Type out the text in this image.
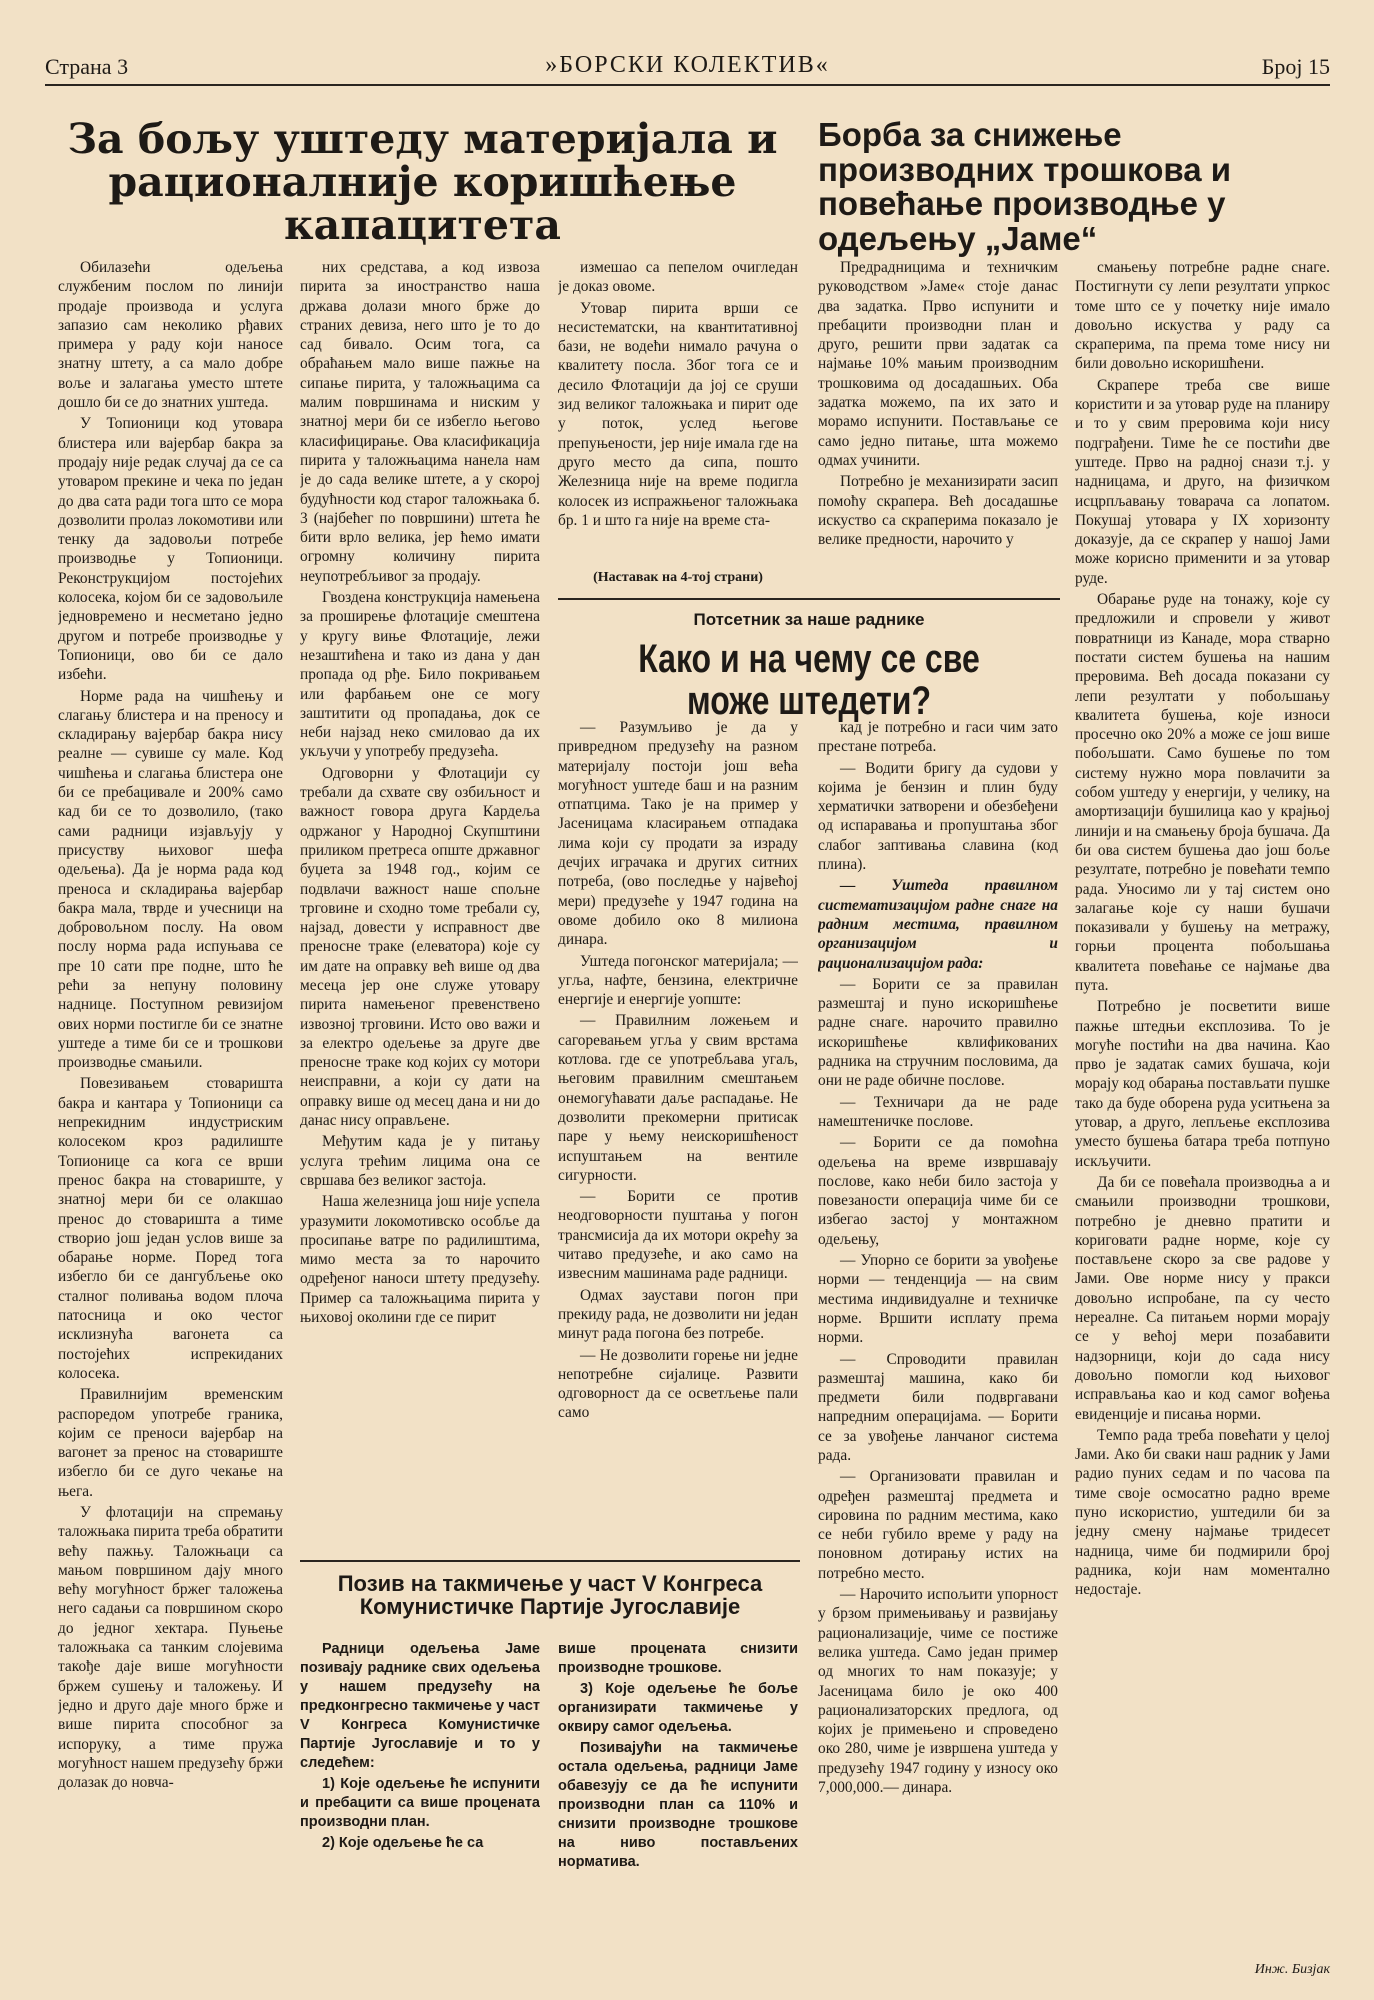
Страна 3	»БОРСКИ КОЛЕКТИВ«	Број 15
За бољу уштеду материјала и рационалније коришћење капацитета

Обилазећи одељења службеним послом по линији продаје производа и услуга запазио сам неколико рђавих примера у раду који наносе знатну штету, а са мало добре воље и залагања уместо штете дошло би се до знатних уштеда.

У Топионици код утовара блистера или вајербар бакра за продају није редак случај да се са утоваром прекине и чека по један до два сата ради тога што се мора дозволити пролаз локомотиви или тенку да задовољи потребе производње у Топионици. Реконструкцијом постојећих колосека, којом би се задовољиле једновремено и несметано једно другом и потребе производње у Топионици, ово би се дало избећи.

Норме рада на чишћењу и слагању блистера и на преносу и складирању вајербар бакра нису реалне — сувише су мале. Код чишћења и слагања блистера оне би се пребацивале и 200% само кад би се то дозволило, (тако сами радници изјављују у присуству њиховог шефа одељења). Да је норма рада код преноса и складирања вајербар бакра мала, тврде и учесници на добровољном послу. На овом послу норма рада испуњава се пре 10 сати пре подне, што ће рећи за непуну половину наднице. Поступном ревизијом ових норми постигле би се знатне уштеде а тиме би се и трошкови производње смањили.

Повезивањем стоваришта бакра и кантара у Топионици са непрекидним индустриским колосеком кроз радилиште Топионице са кога се врши пренос бакра на стовариште, у знатној мери би се олакшао пренос до стоваришта а тиме створио још један услов више за обарање норме. Поред тога избегло би се дангубљење око сталног поливања водом плоча патосница и око честог исклизнућа вагонета са постојећих испрекиданих колосека.

Правилнијим временским распоредом употребе граника, којим се преноси вајербар на вагонет за пренос на стовариште избегло би се дуго чекање на њега.

У флотацији на спремању таложњака пирита треба обратити већу пажњу. Таложњаци са мањом површином дају много већу могућност бржег таложења него садањи са површином скоро до једног хектара. Пуњење таложњака са танким слојевима такође даје више могућности бржем сушењу и таложењу. И једно и друго даје много брже и више пирита способног за испоруку, а тиме пружа могућност нашем предузећу бржи долазак до новча-

них средстава, а код извоза пирита за иностранство наша држава долази много брже до страних девиза, него што је то до сад бивало. Осим тога, са обраћањем мало више пажње на сипање пирита, у таложњацима са малим површинама и ниским у знатној мери би се избегло његово класифицирање. Ова класификација пирита у таложњацима нанела нам је до сада велике штете, а у скорој будућности код старог таложњака б. 3 (најбећег по површини) штета ће бити врло велика, јер ћемо имати огромну количину пирита неупотребљивог за продају.

Гвоздена конструкција намењена за проширење флотације смештена у кругу виње Флотације, лежи незаштићена и тако из дана у дан пропада од рђе. Било покривањем или фарбањем оне се могу заштитити од пропадања, док се неби најзад неко смиловао да их укључи у употребу предузећа.

Одговорни у Флотацији су требали да схвате сву озбиљност и важност говора друга Кардеља одржаног у Народној Скупштини приликом претреса опште државног буџета за 1948 год., којим се подвлачи важност наше спољне трговине и сходно томе требали су, најзад, довести у исправност две преносне траке (елеватора) које су им дате на оправку већ више од два месеца јер оне служе утовару пирита намењеног превенствено извозној трговини. Исто ово важи и за електро одељење за друге две преносне траке код којих су мотори неисправни, а који су дати на оправку више од месец дана и ни до данас нису оправљене.

Међутим када је у питању услуга трећим лицима она се свршава без великог застоја.

Наша железница још није успела уразумити локомотивско особље да просипање ватре по радилиштима, мимо места за то нарочито одређеног наноси штету предузећу. Пример са таложњацима пирита у њиховој околини где се пирит

измешао са пепелом очигледан је доказ овоме.

Утовар пирита врши се несистематски, на квантитативној бази, не водећи нимало рачуна о квалитету посла. Због тога се и десило Флотацији да јој се сруши зид великог таложњака и пирит оде у поток, услед његове препуњености, јер није имала где на друго место да сипа, пошто Железница није на време подигла колосек из испражњеног таложњака бр. 1 и што га није на време ста-

(Наставак на 4-тој страни)
Борба за снижење производних трошкова и повећање производње у одељењу „Јаме“

Предрадницима и техничким руководством »Јаме« стоје данас два задатка. Прво испунити и пребацити производни план и друго, решити први задатак са најмање 10% мањим производним трошковима од досадашњих. Оба задатка можемо, па их зато и морамо испунити. Постављање се само једно питање, шта можемо одмах учинити.

Потребно је механизирати засип помоћу скрапера. Већ досадашње искуство са скраперима показало је велике предности, нарочито у

смањењу потребне радне снаге. Постигнути су лепи резултати упркос томе што се у почетку није имало довољно искуства у раду са скраперима, па према томе нису ни били довољно искоришћени.

Скрапере треба све више користити и за утовар руде на планиру и то у свим преровима који нису подграђени. Тиме ће се постићи две уштеде. Прво на радној снази т.ј. у надницама, и друго, на физичком исцрпљавању товарача са лопатом. Покушај утовара у IX хоризонту доказује, да се скрапер у нашој Јами може корисно применити и за утовар руде.

Обарање руде на тонажу, које су предложили и спровели у живот повратници из Канаде, мора стварно постати систем бушења на нашим преровима. Већ досада показани су лепи резултати у побољшању квалитета бушења, које износи просечно око 20% а може се још више побољшати. Само бушење по том систему нужно мора повлачити за собом уштеду у енергији, у челику, на амортизацији бушилица као у крајњој линији и на смањењу броја бушача. Да би ова систем бушења дао још боље резултате, потребно је повећати темпо рада. Уносимо ли у тај систем оно залагање које су наши бушачи показивали у бушењу на метражу, горњи процента побољшања квалитета повећање се најмање два пута.

Потребно је посветити више пажње штедњи експлозива. То је могуће постићи на два начина. Као прво је задатак самих бушача, који морају код обарања постављати пушке тако да буде оборена руда уситњена за утовар, а друго, лепљење експлозива уместо бушења батара треба потпуно искључити.

Да би се повећала производња а и смањили производни трошкови, потребно је дневно пратити и кориговати радне норме, које су постављене скоро за све радове у Јами. Ове норме нису у пракси довољно испробане, па су често нереалне. Са питањем норми морају се у већој мери позабавити надзорници, који до сада нису довољно помогли код њиховог исправљања као и код самог вођења евиденције и писања норми.

Темпо рада треба повећати у целој Јами. Ако би сваки наш радник у Јами радио пуних седам и по часова па тиме своје осмосатно радно време пуно искористио, уштедили би за једну смену најмање тридесет надница, чиме би подмирили број радника, који нам моментално недостаје.

Инж. Бизјак
Потсетник за наше раднике
Како и на чему се све може штедети?

— Разумљиво је да у привредном предузећу на разном материјалу постоји још већа могућност уштеде баш и на разним отпатцима. Тако је на пример у Јасеницама класирањем отпадака лима који су продати за израду дечјих играчака и других ситних потреба, (ово последње у највећој мери) предузеће у 1947 година на овоме добило око 8 милиона динара.

Уштеда погонског материјала; — угља, нафте, бензина, електричне енергије и енергије уопште:

— Правилним ложењем и сагоревањем угља у свим врстама котлова. где се употребљава угаљ, његовим правилним смештањем онемогућавати даље распадање. Не дозволити прекомерни притисак паре у њему неискоришћеност испуштањем на вентиле сигурности.

— Борити се против неодговорности пуштања у погон трансмисија да их мотори окрећу за читаво предузеће, и ако само на извесним машинама раде радници.

Одмах заустави погон при прекиду рада, не дозволити ни један минут рада погона без потребе.

— Не дозволити горење ни једне непотребне сијалице. Развити одговорност да се осветљење пали само

кад је потребно и гаси чим зато престане потреба.

— Водити бригу да судови у којима је бензин и плин буду херматички затворени и обезбеђени од испаравања и пропуштања због слабог заптивања славина (код плина).

— Уштеда правилном систематизацијом радне снаге на радним местима, правилном организацијом и рационализацијом рада:

— Борити се за правилан размештај и пуно искоришћење радне снаге. нарочито правилно искоришћење квлификованих радника на стручним пословима, да они не раде обичне послове.

— Техничари да не раде намештеничке послове.

— Борити се да помоћна одељења на време извршавају послове, како неби било застоја у повезаности операција чиме би се избегао застој у монтажном одељењу,

— Упорно се борити за увођење норми — тенденција — на свим местима индивидуалне и техничке норме. Вршити исплату према норми.

— Спроводити правилан размештај машина, како би предмети били подвргавани напредним операцијама. — Борити се за увођење ланчаног система рада.

— Организовати правилан и одређен размештај предмета и сировина по радним местима, како се неби губило време у раду на поновном дотирању истих на потребно место.

— Нарочито испољити упорност у брзом примењивању и развијању рационализације, чиме се постиже велика уштеда. Само један пример од многих то нам показује; у Јасеницама било је око 400 рационализаторских предлога, од којих је примењено и спроведено око 280, чиме је извршена уштеда у предузећу 1947 годину у износу око 7,000,000.— динара.

Позив на такмичење у част V Конгреса Комунистичке Партије Југославије

Радници одељења Јаме позивају раднике свих одељења у нашем предузећу на предконгресно такмичење у част V Конгреса Комунистичке Партије Југославије и то у следећем:

1) Које одељење ће испунити и пребацити са више процената производни план.

2) Које одељење ће са

више процената снизити производне трошкове.

3) Које одељење ће боље организирати такмичење у оквиру самог одељења.

Позивајући на такмичење остала одељења, радници Јаме обавезују се да ће испунити производни план са 110% и снизити производне трошкове на ниво постављених норматива.
